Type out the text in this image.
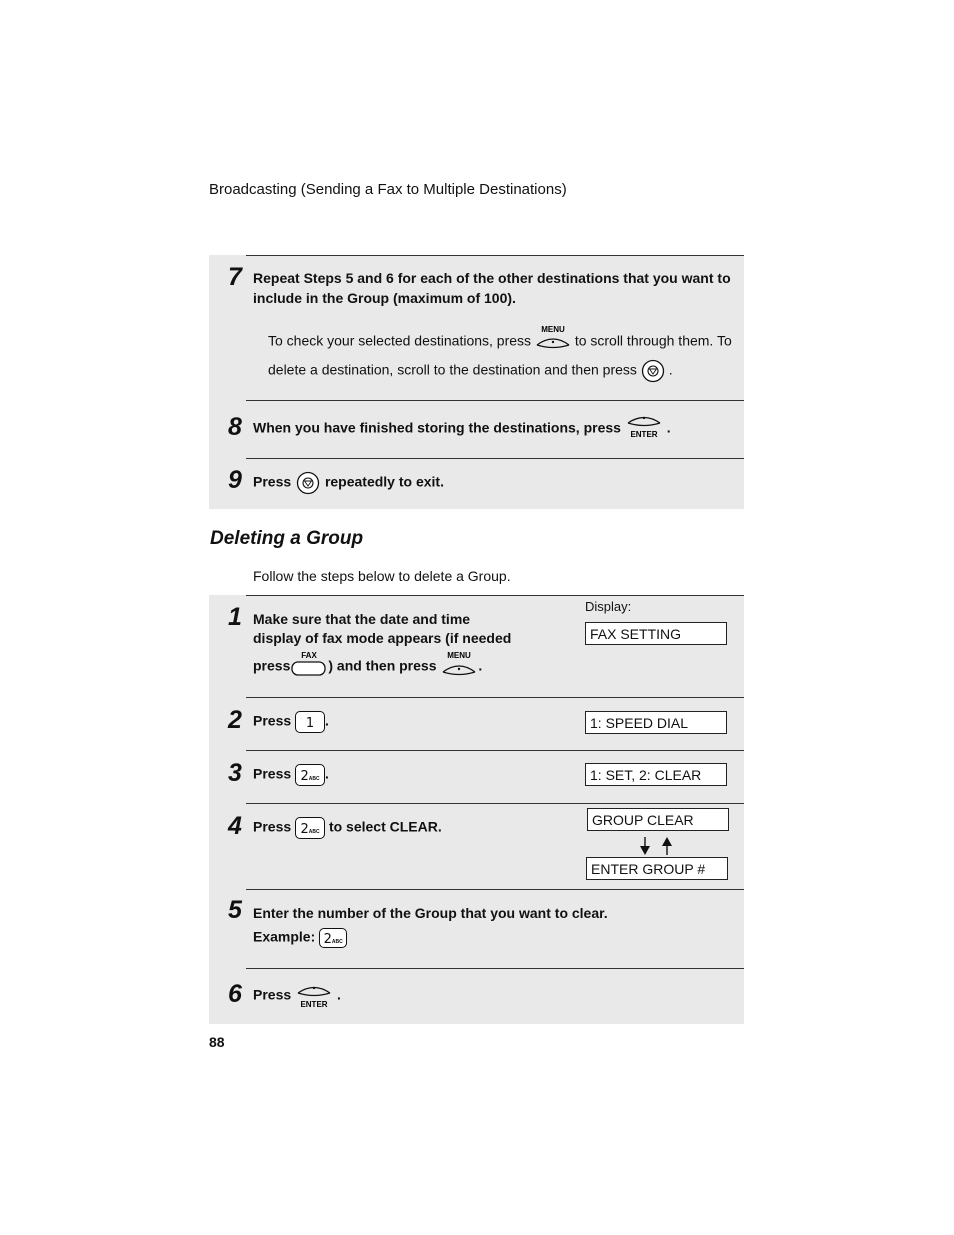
Broadcasting (Sending a Fax to Multiple Destinations)
7 Repeat Steps 5 and 6 for each of the other destinations that you want to
include in the Group (maximum of 100).
To check your selected destinations, press
MENU
to scroll through them. To
delete a destination, scroll to the destination and then press .
8 When you have finished storing the destinations, press ENTER .
9 Press repeatedly to exit.
Deleting a Group
Follow the steps below to delete a Group.
1 Make sure that the date and time
display of fax mode appears (if needed
press
FAX
) and then press
MENU
.
Display:
FAX SETTING
2 Press 1 .	1: SPEED DIAL
3 Press 2ABC .	1: SET, 2: CLEAR
4 Press 2ABC to select CLEAR.	GROUP CLEAR
ENTER GROUP #
5 Enter the number of the Group that you want to clear.
Example: 2ABC
6 Press
ENTER
.
88
